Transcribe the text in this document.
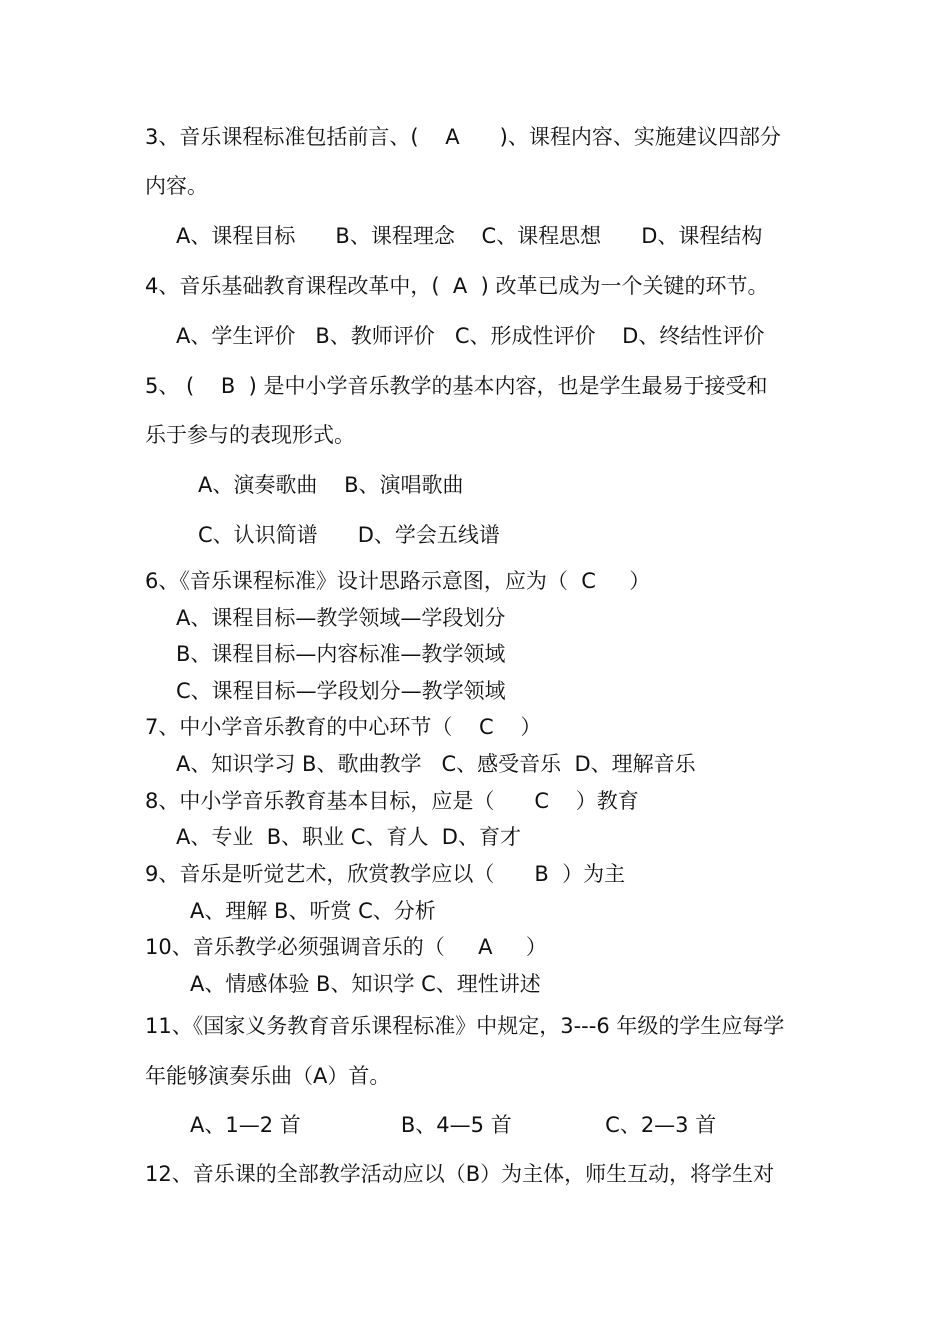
3、音乐课程标准包括前言、(    A      )、课程内容、实施建议四部分
内容。
A、课程目标      B、课程理念    C、课程思想      D、课程结构
4、音乐基础教育课程改革中，(  A  ) 改革已成为一个关键的环节。
A、学生评价   B、教师评价   C、形成性评价    D、终结性评价
5、 (    B  ) 是中小学音乐教学的基本内容，也是学生最易于接受和
乐于参与的表现形式。
A、演奏歌曲    B、演唱歌曲
C、认识简谱      D、学会五线谱
6、《音乐课程标准》设计思路示意图，应为（  C     ）
A、课程目标—教学领域—学段划分
B、课程目标—内容标准—教学领域
C、课程目标—学段划分—教学领域
7、中小学音乐教育的中心环节（    C    ）
A、知识学习 B、歌曲教学   C、感受音乐  D、理解音乐
8、中小学音乐教育基本目标，应是（      C    ）教育
A、专业  B、职业 C、育人  D、育才
9、音乐是听觉艺术，欣赏教学应以（      B  ）为主
A、理解 B、听赏 C、分析
10、音乐教学必须强调音乐的（     A     ）
A、情感体验 B、知识学 C、理性讲述
11、《国家义务教育音乐课程标准》中规定，3---6 年级的学生应每学
年能够演奏乐曲（A）首。
A、1—2 首               B、4—5 首              C、2—3 首
12、音乐课的全部教学活动应以（B）为主体，师生互动，将学生对
